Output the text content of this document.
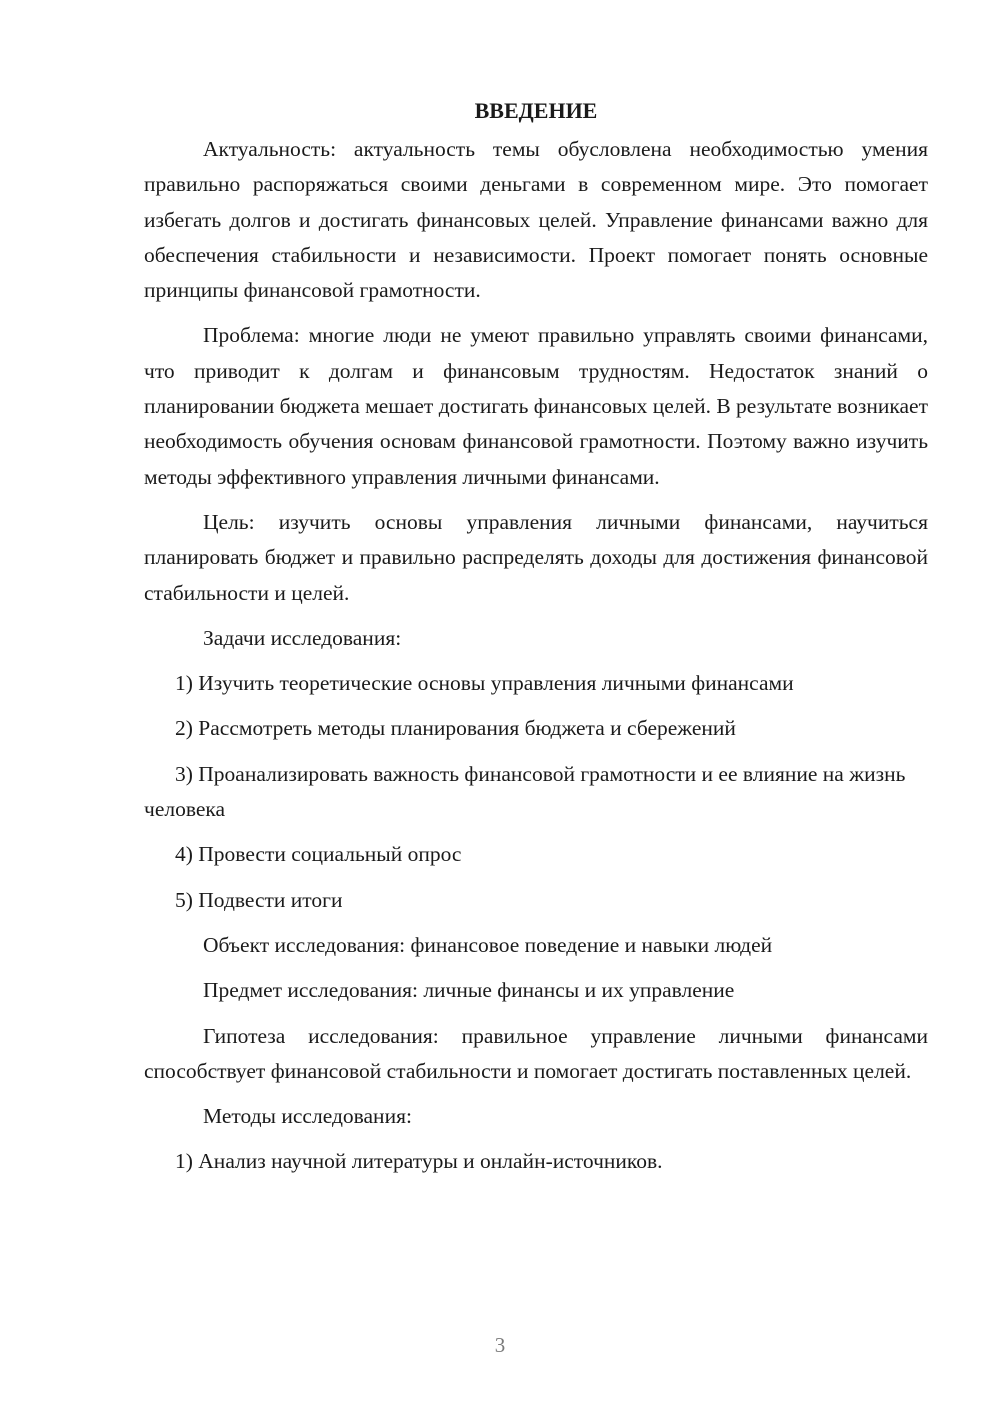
ВВЕДЕНИЕ

Актуальность: актуальность темы обусловлена необходимостью умения правильно распоряжаться своими деньгами в современном мире. Это помогает избегать долгов и достигать финансовых целей. Управление финансами важно для обеспечения стабильности и независимости. Проект помогает понять основные принципы финансовой грамотности.

Проблема: многие люди не умеют правильно управлять своими финансами, что приводит к долгам и финансовым трудностям. Недостаток знаний о планировании бюджета мешает достигать финансовых целей. В результате возникает необходимость обучения основам финансовой грамотности. Поэтому важно изучить методы эффективного управления личными финансами.

Цель: изучить основы управления личными финансами, научиться планировать бюджет и правильно распределять доходы для достижения финансовой стабильности и целей.

Задачи исследования:

1) Изучить теоретические основы управления личными финансами

2) Рассмотреть методы планирования бюджета и сбережений

3) Проанализировать важность финансовой грамотности и ее влияние на жизнь человека

4) Провести социальный опрос

5) Подвести итоги

Объект исследования: финансовое поведение и навыки людей

Предмет исследования: личные финансы и их управление

Гипотеза исследования: правильное управление личными финансами способствует финансовой стабильности и помогает достигать поставленных целей.

Методы исследования:

1) Анализ научной литературы и онлайн-источников.

3
